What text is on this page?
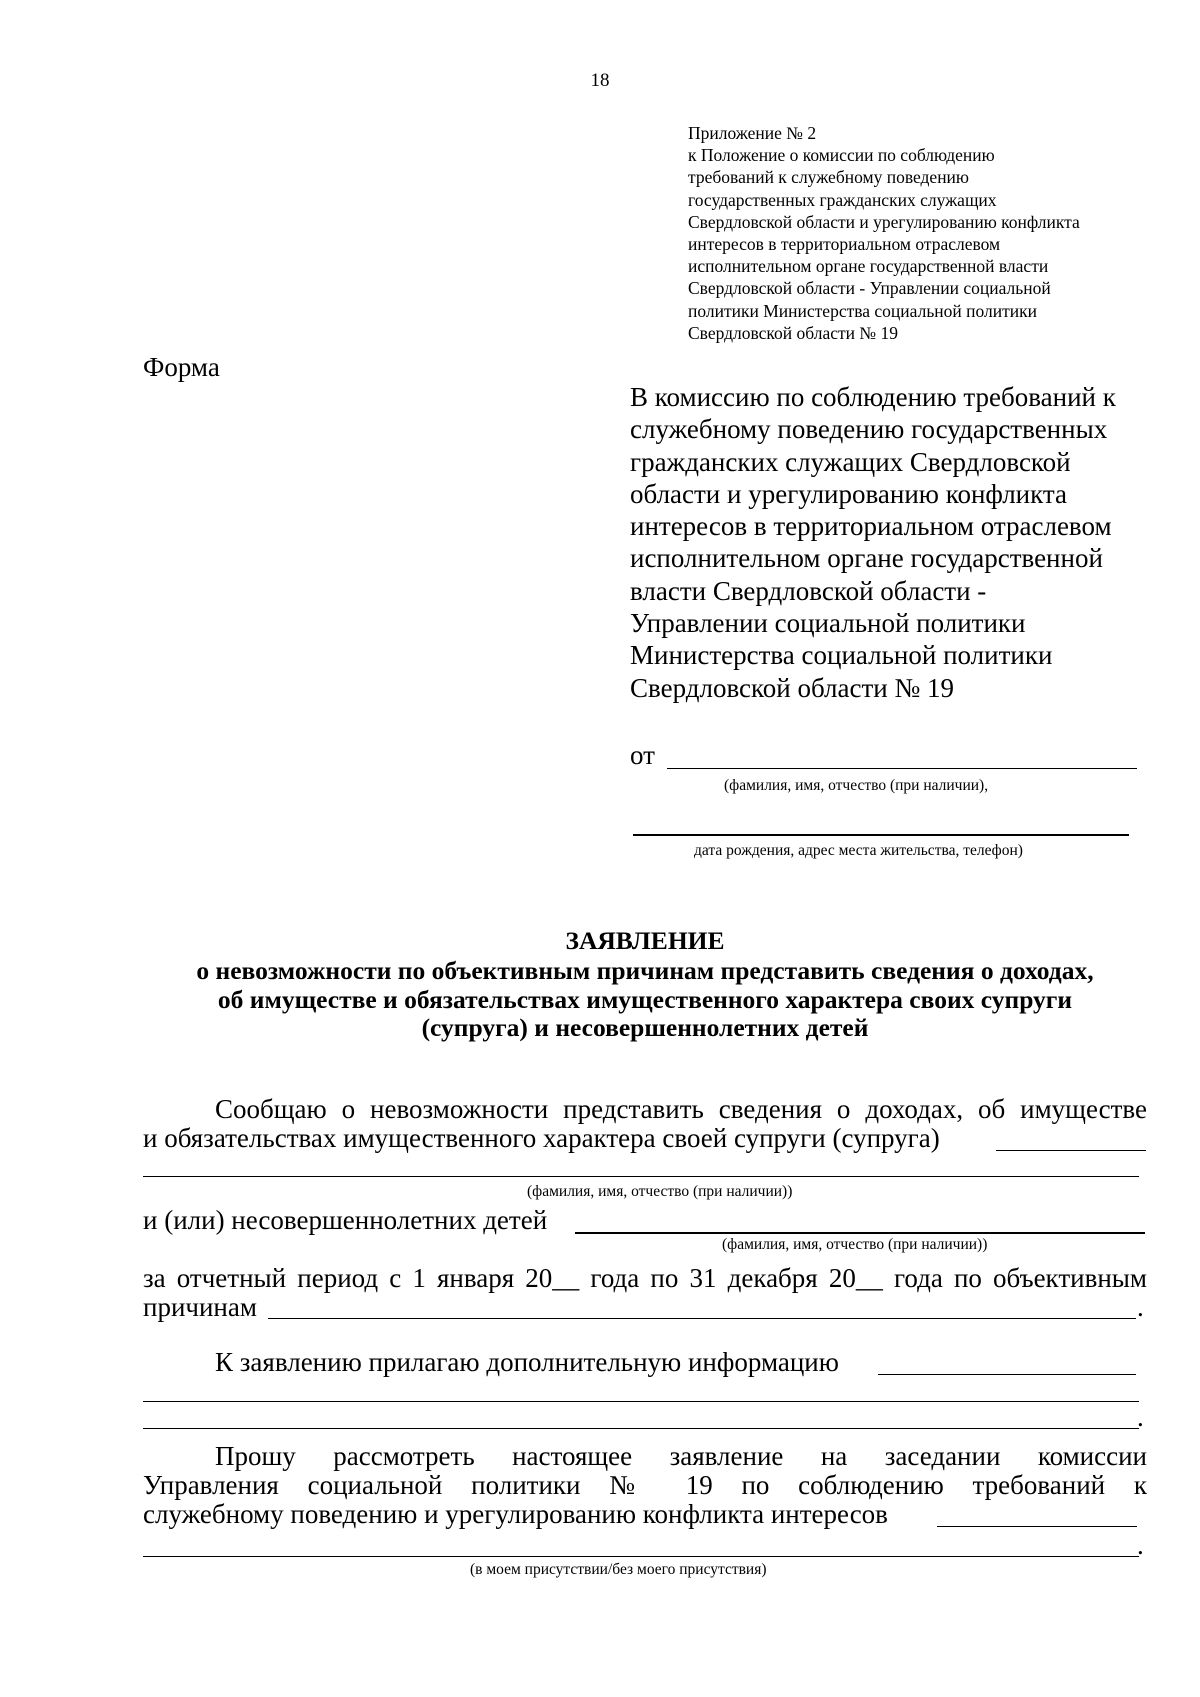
18
Приложение № 2
к Положение о комиссии по соблюдению
требований к служебному поведению
государственных гражданских служащих
Свердловской области и урегулированию конфликта
интересов в территориальном отраслевом
исполнительном органе государственной власти
Свердловской области - Управлении социальной
политики Министерства социальной политики
Свердловской области № 19
Форма
В комиссию по соблюдению требований к
служебному поведению государственных
гражданских служащих Свердловской
области и урегулированию конфликта
интересов в территориальном отраслевом
исполнительном органе государственной
власти Свердловской области -
Управлении социальной политики
Министерства социальной политики
Свердловской области № 19
от
(фамилия, имя, отчество (при наличии),
дата рождения, адрес места жительства, телефон)
ЗАЯВЛЕНИЕ
о невозможности по объективным причинам представить сведения о доходах,
об имуществе и обязательствах имущественного характера своих супруги
(супруга) и несовершеннолетних детей
Сообщаю о невозможности представить сведения о доходах, об имуществе
и обязательствах имущественного характера своей супруги (супруга)
(фамилия, имя, отчество (при наличии))
и (или) несовершеннолетних детей
(фамилия, имя, отчество (при наличии))
за отчетный период с 1 января 20__ года по 31 декабря 20__ года по объективным
причинам	.
К заявлению прилагаю дополнительную информацию
.
Прошу рассмотреть настоящее заявление на заседании комиссии
Управления социальной политики № 19 по соблюдению требований к
служебному поведению и урегулированию конфликта интересов
.
(в моем присутствии/без моего присутствия)
